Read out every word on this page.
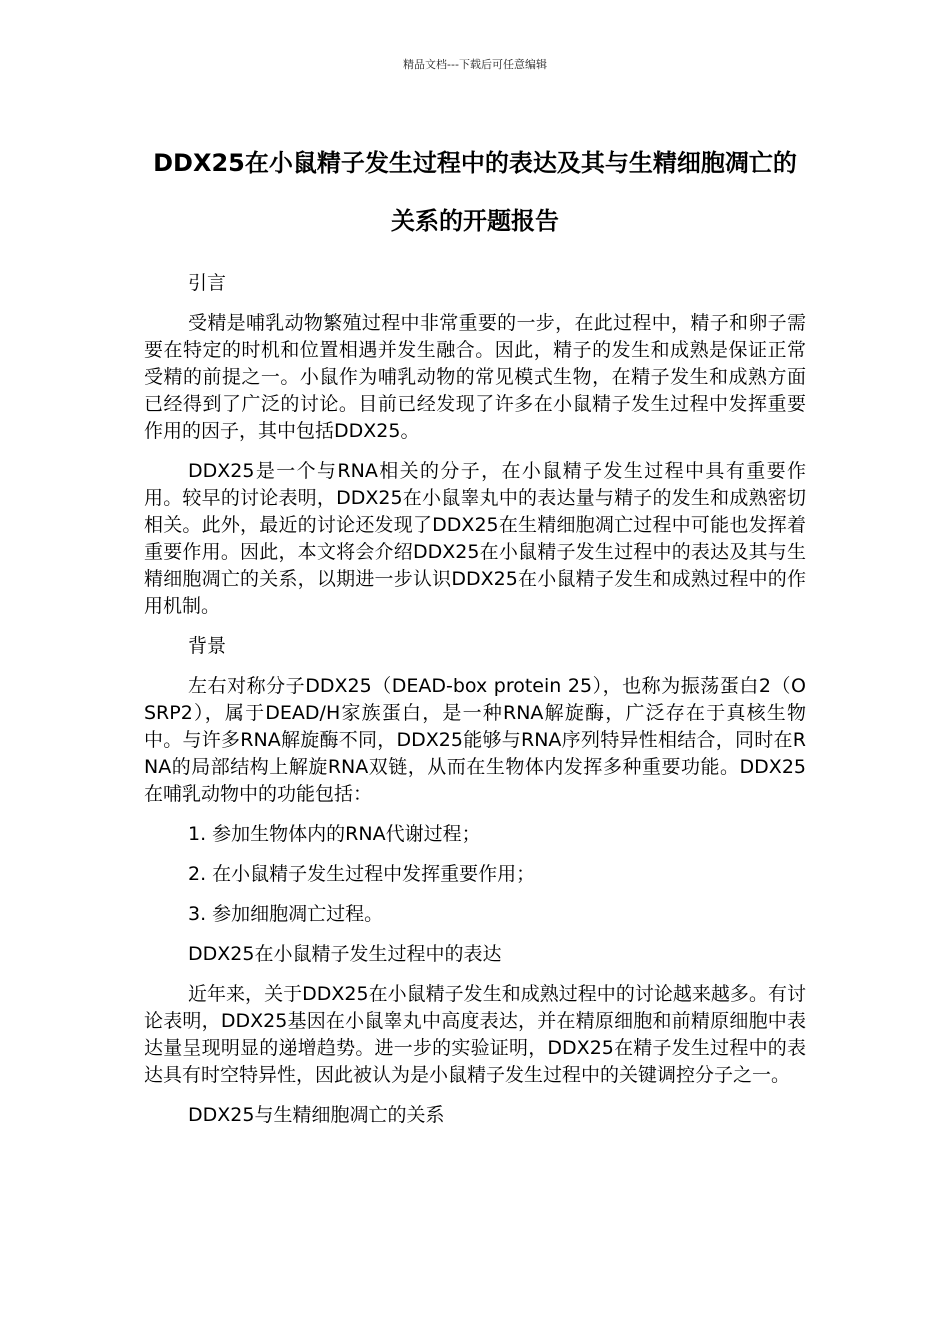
精品文档---下载后可任意编辑
DDX25在小鼠精子发生过程中的表达及其与生精细胞凋亡的关系的开题报告

引言

受精是哺乳动物繁殖过程中非常重要的一步，在此过程中，精子和卵子需要在特定的时机和位置相遇并发生融合。因此，精子的发生和成熟是保证正常受精的前提之一。小鼠作为哺乳动物的常见模式生物，在精子发生和成熟方面已经得到了广泛的讨论。目前已经发现了许多在小鼠精子发生过程中发挥重要作用的因子，其中包括DDX25。

DDX25是一个与RNA相关的分子，在小鼠精子发生过程中具有重要作用。较早的讨论表明，DDX25在小鼠睾丸中的表达量与精子的发生和成熟密切相关。此外，最近的讨论还发现了DDX25在生精细胞凋亡过程中可能也发挥着重要作用。因此，本文将会介绍DDX25在小鼠精子发生过程中的表达及其与生精细胞凋亡的关系，以期进一步认识DDX25在小鼠精子发生和成熟过程中的作用机制。

背景

左右对称分子DDX25（DEAD-box protein 25），也称为振荡蛋白2（OSRP2），属于DEAD/H家族蛋白，是一种RNA解旋酶，广泛存在于真核生物中。与许多RNA解旋酶不同，DDX25能够与RNA序列特异性相结合，同时在RNA的局部结构上解旋RNA双链，从而在生物体内发挥多种重要功能。DDX25在哺乳动物中的功能包括：

1. 参加生物体内的RNA代谢过程；

2. 在小鼠精子发生过程中发挥重要作用；

3. 参加细胞凋亡过程。

DDX25在小鼠精子发生过程中的表达

近年来，关于DDX25在小鼠精子发生和成熟过程中的讨论越来越多。有讨论表明，DDX25基因在小鼠睾丸中高度表达，并在精原细胞和前精原细胞中表达量呈现明显的递增趋势。进一步的实验证明，DDX25在精子发生过程中的表达具有时空特异性，因此被认为是小鼠精子发生过程中的关键调控分子之一。

DDX25与生精细胞凋亡的关系
